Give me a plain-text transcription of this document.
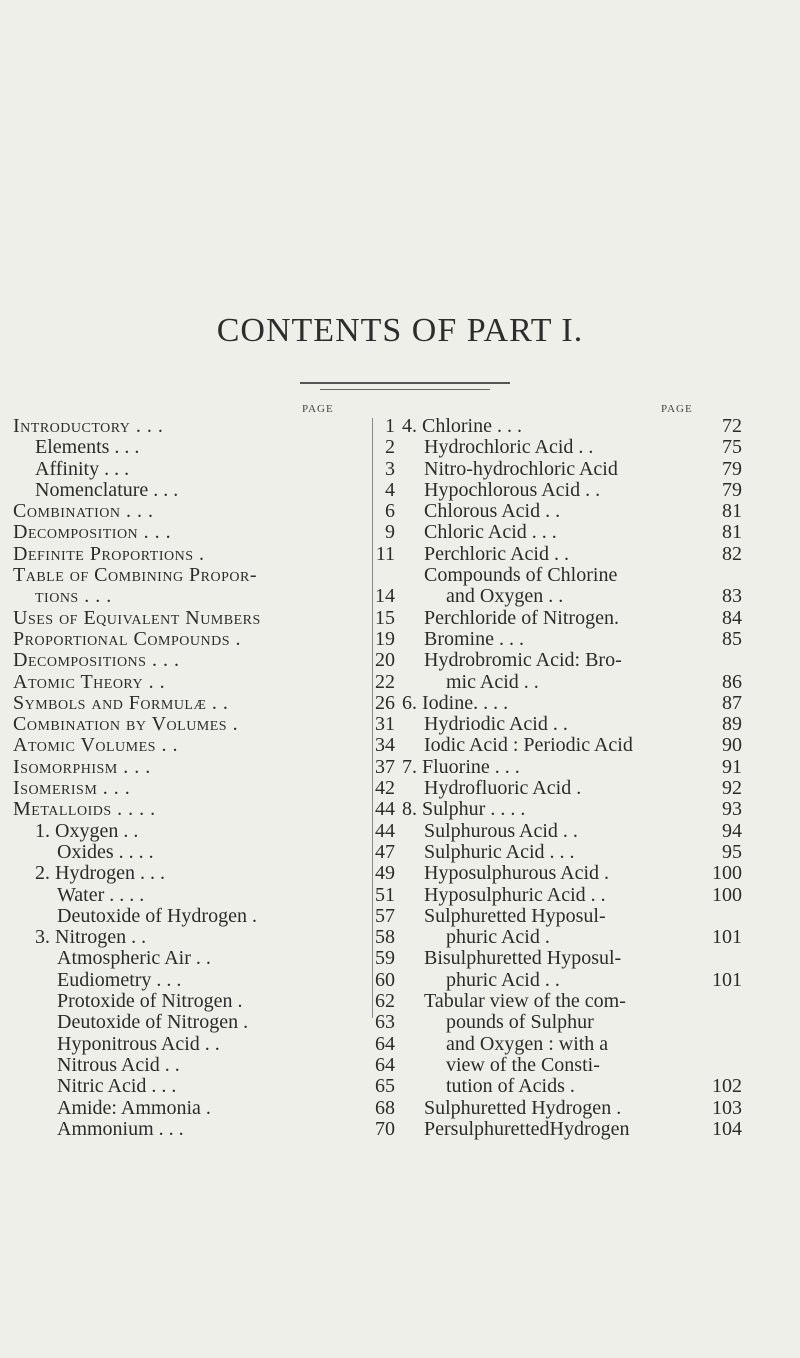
CONTENTS OF PART I.
PAGE	PAGE
Introductory . . .	1
Elements . . .	2
Affinity . . .	3
Nomenclature . . .	4
Combination . . .	6
Decomposition . . .	9
Definite Proportions .	11
Table of Combining Propor-
tions . . .	14
Uses of Equivalent Numbers	15
Proportional Compounds .	19
Decompositions . . .	20
Atomic Theory . .	22
Symbols and Formulæ . .	26
Combination by Volumes .	31
Atomic Volumes . .	34
Isomorphism . . .	37
Isomerism . . .	42
Metalloids . . . .	44
1. Oxygen . .	44
Oxides . . . .	47
2. Hydrogen . . .	49
Water . . . .	51
Deutoxide of Hydrogen .	57
3. Nitrogen . .	58
Atmospheric Air . .	59
Eudiometry . . .	60
Protoxide of Nitrogen .	62
Deutoxide of Nitrogen .	63
Hyponitrous Acid . .	64
Nitrous Acid . .	64
Nitric Acid . . .	65
Amide: Ammonia .	68
Ammonium . . .	70
4. Chlorine . . .	72
Hydrochloric Acid . .	75
Nitro-hydrochloric Acid	79
Hypochlorous Acid . .	79
Chlorous Acid . .	81
Chloric Acid . . .	81
Perchloric Acid . .	82
Compounds of Chlorine
and Oxygen . .	83
Perchloride of Nitrogen.	84
Bromine . . .	85
Hydrobromic Acid: Bro-
mic Acid . .	86
6. Iodine. . . .	87
Hydriodic Acid . .	89
Iodic Acid : Periodic Acid	90
7. Fluorine . . .	91
Hydrofluoric Acid .	92
8. Sulphur . . . .	93
Sulphurous Acid . .	94
Sulphuric Acid . . .	95
Hyposulphurous Acid .	100
Hyposulphuric Acid . .	100
Sulphuretted Hyposul-
phuric Acid .	101
Bisulphuretted Hyposul-
phuric Acid . .	101
Tabular view of the com-
pounds of Sulphur
and Oxygen : with a
view of the Consti-
tution of Acids .	102
Sulphuretted Hydrogen .	103
PersulphurettedHydrogen	104
